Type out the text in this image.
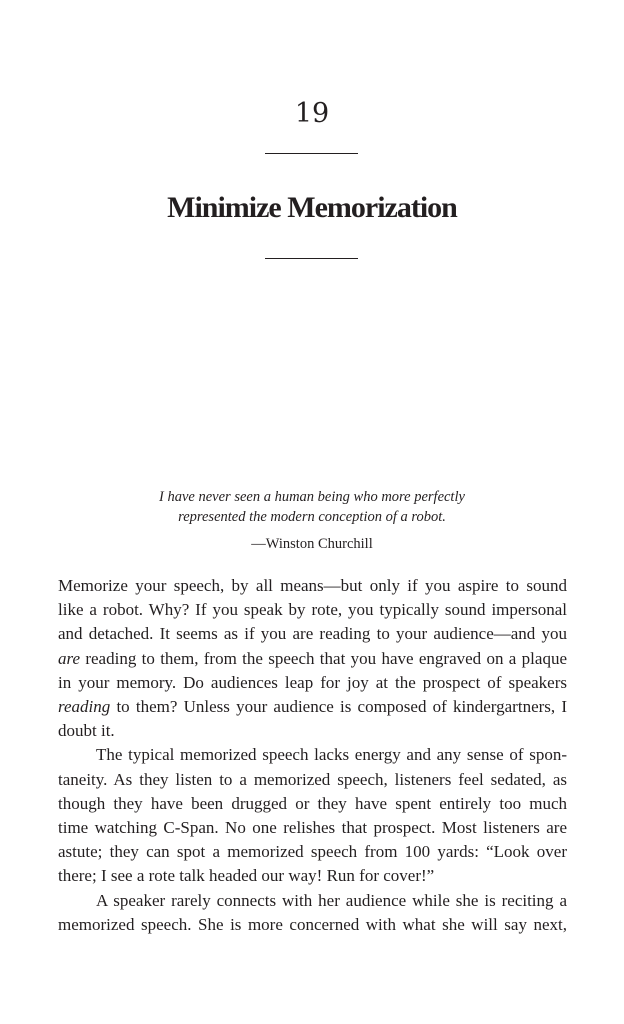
19
Minimize Memorization
I have never seen a human being who more perfectly
represented the modern conception of a robot.
—Winston Churchill
Memorize your speech, by all means—but only if you aspire to sound
like a robot. Why? If you speak by rote, you typically sound impersonal
and detached. It seems as if you are reading to your audience—and you
are reading to them, from the speech that you have engraved on a plaque
in your memory. Do audiences leap for joy at the prospect of speakers
reading to them? Unless your audience is composed of kindergartners, I
doubt it.
The typical memorized speech lacks energy and any sense of spon-
taneity. As they listen to a memorized speech, listeners feel sedated, as
though they have been drugged or they have spent entirely too much
time watching C-Span. No one relishes that prospect. Most listeners are
astute; they can spot a memorized speech from 100 yards: “Look over
there; I see a rote talk headed our way! Run for cover!”
A speaker rarely connects with her audience while she is reciting a
memorized speech. She is more concerned with what she will say next,
